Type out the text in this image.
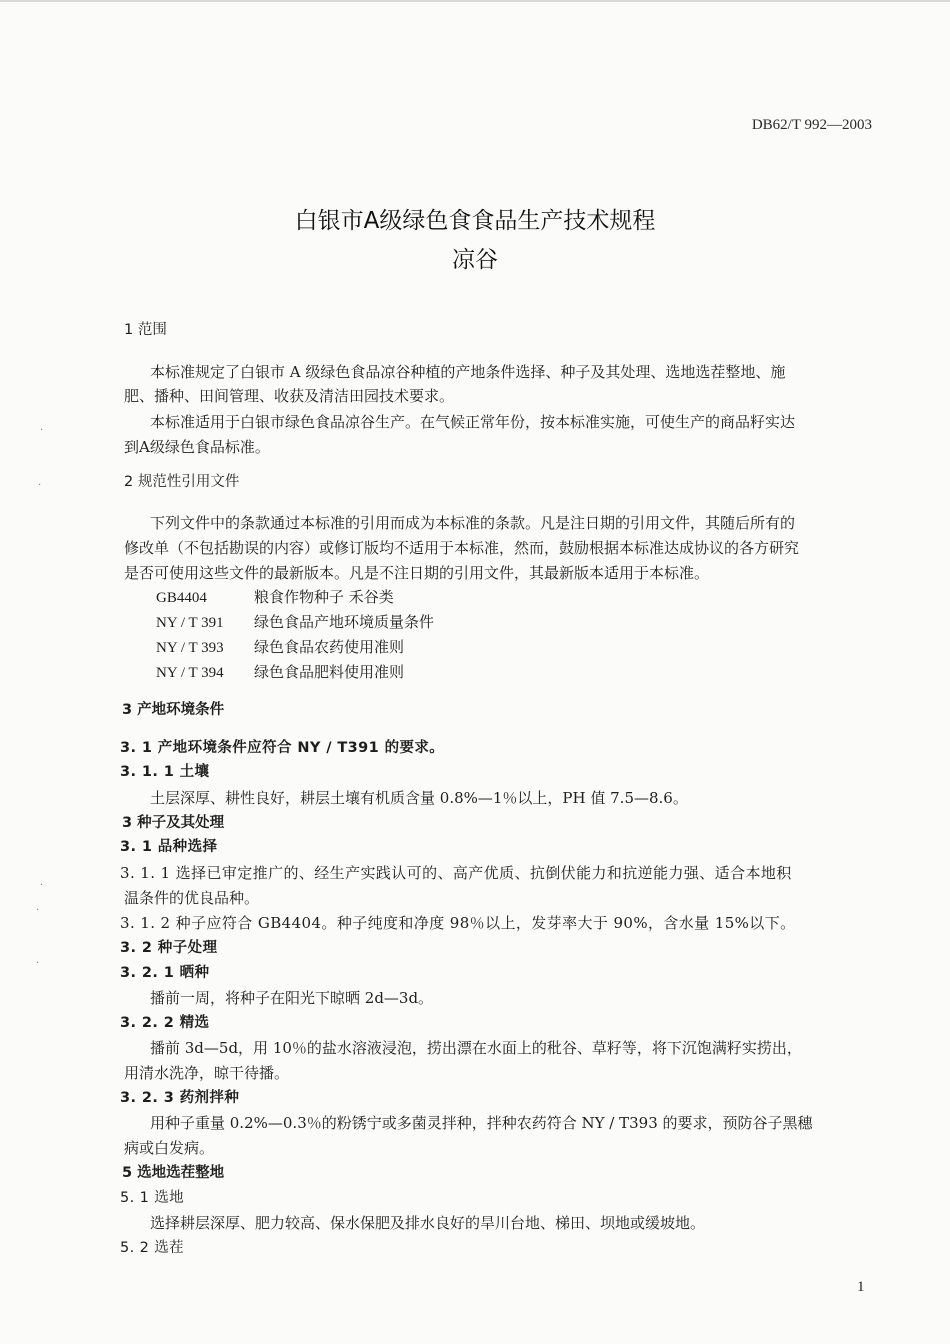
DB62/T 992—2003
白银市A级绿色食食品生产技术规程
凉谷
1 范围
本标准规定了白银市 A 级绿色食品凉谷种植的产地条件选择、种子及其处理、选地选茬整地、施
肥、播种、田间管理、收获及清洁田园技术要求。
本标准适用于白银市绿色食品凉谷生产。在气候正常年份，按本标准实施，可使生产的商品籽实达
到A级绿色食品标准。
2 规范性引用文件
下列文件中的条款通过本标准的引用而成为本标准的条款。凡是注日期的引用文件，其随后所有的
修改单（不包括勘误的内容）或修订版均不适用于本标准，然而，鼓励根据本标准达成协议的各方研究
是否可使用这些文件的最新版本。凡是不注日期的引用文件，其最新版本适用于本标准。
GB4404	粮食作物种子 禾谷类
NY / T 391 绿色食品产地环境质量条件
NY / T 393 绿色食品农药使用准则
NY / T 394 绿色食品肥料使用准则
3 产地环境条件
3. 1 产地环境条件应符合 NY / T391 的要求。
3. 1. 1 土壤
土层深厚、耕性良好，耕层土壤有机质含量 0.8%—1％以上，PH 值 7.5—8.6。
3 种子及其处理
3. 1 品种选择
3. 1. 1 选择已审定推广的、经生产实践认可的、高产优质、抗倒伏能力和抗逆能力强、适合本地积
温条件的优良品种。
3. 1. 2 种子应符合 GB4404。种子纯度和净度 98％以上，发芽率大于 90%，含水量 15%以下。
3. 2 种子处理
3. 2. 1 晒种
播前一周，将种子在阳光下晾晒 2d—3d。
3. 2. 2 精选
播前 3d—5d，用 10％的盐水溶液浸泡，捞出漂在水面上的秕谷、草籽等，将下沉饱满籽实捞出，
用清水洗净，晾干待播。
3. 2. 3 药剂拌种
用种子重量 0.2%—0.3％的粉锈宁或多菌灵拌种，拌种农药符合 NY / T393 的要求，预防谷子黑穗
病或白发病。
5 选地选茬整地
5. 1 选地
选择耕层深厚、肥力较高、保水保肥及排水良好的旱川台地、梯田、坝地或缓坡地。
5. 2 选茬
1
·
·
·
·
·
